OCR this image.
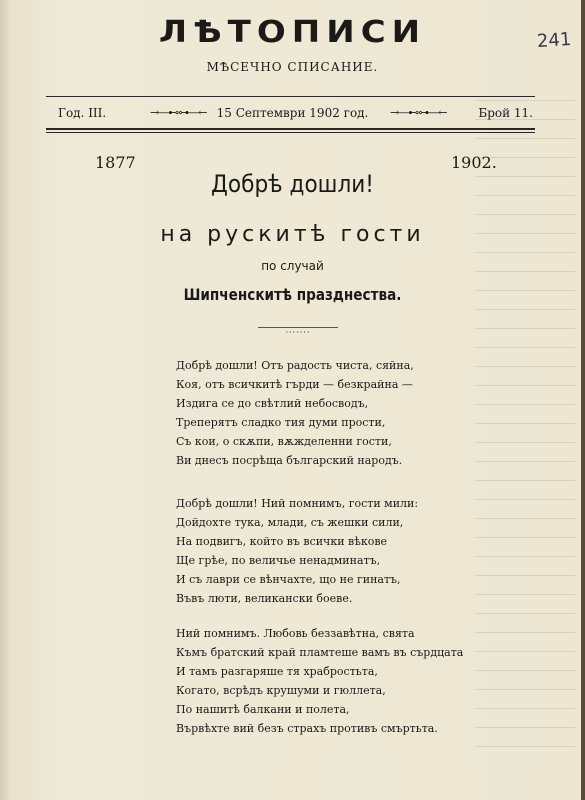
ЛѢТОПИСИ
МѢСЕЧНО СПИСАНИЕ.
241
Год. III.	→—⊷⊶—← 15 Септември 1902 год.	→—⊷⊶—←	Брой 11.
1877	1902.
Добрѣ дошли!
на рускитѣ гости
по случай
Шипченскитѣ празднества.
·······
Добрѣ дошли! Отъ радость чиста, сяйна,
Коя, отъ всичкитѣ гърди — безкрайна —
Издига се до свѣтлий небосводъ,
Треперятъ сладко тия думи прости,
Съ кои, о скѫпи, вѫжделенни гости,
Ви днесъ посрѣща българский народъ.
Добрѣ дошли! Ний помнимъ, гости мили:
Дойдохте тука, млади, съ жешки сили,
На подвигъ, който въ всички вѣкове
Ще грѣе, по величье ненадминатъ,
И съ лаври се вѣнчахте, що не гинатъ,
Въвъ люти, великански боеве.
Ний помнимъ. Любовь беззавѣтна, свята
Къмъ братский край пламтеше вамъ въ сърдцата
И тамъ разгаряше тя храбростьта,
Когато, всрѣдъ крушуми и гюллета,
По нашитѣ балкани и полета,
Вървѣхте вий безъ страхъ противъ смъртьта.
